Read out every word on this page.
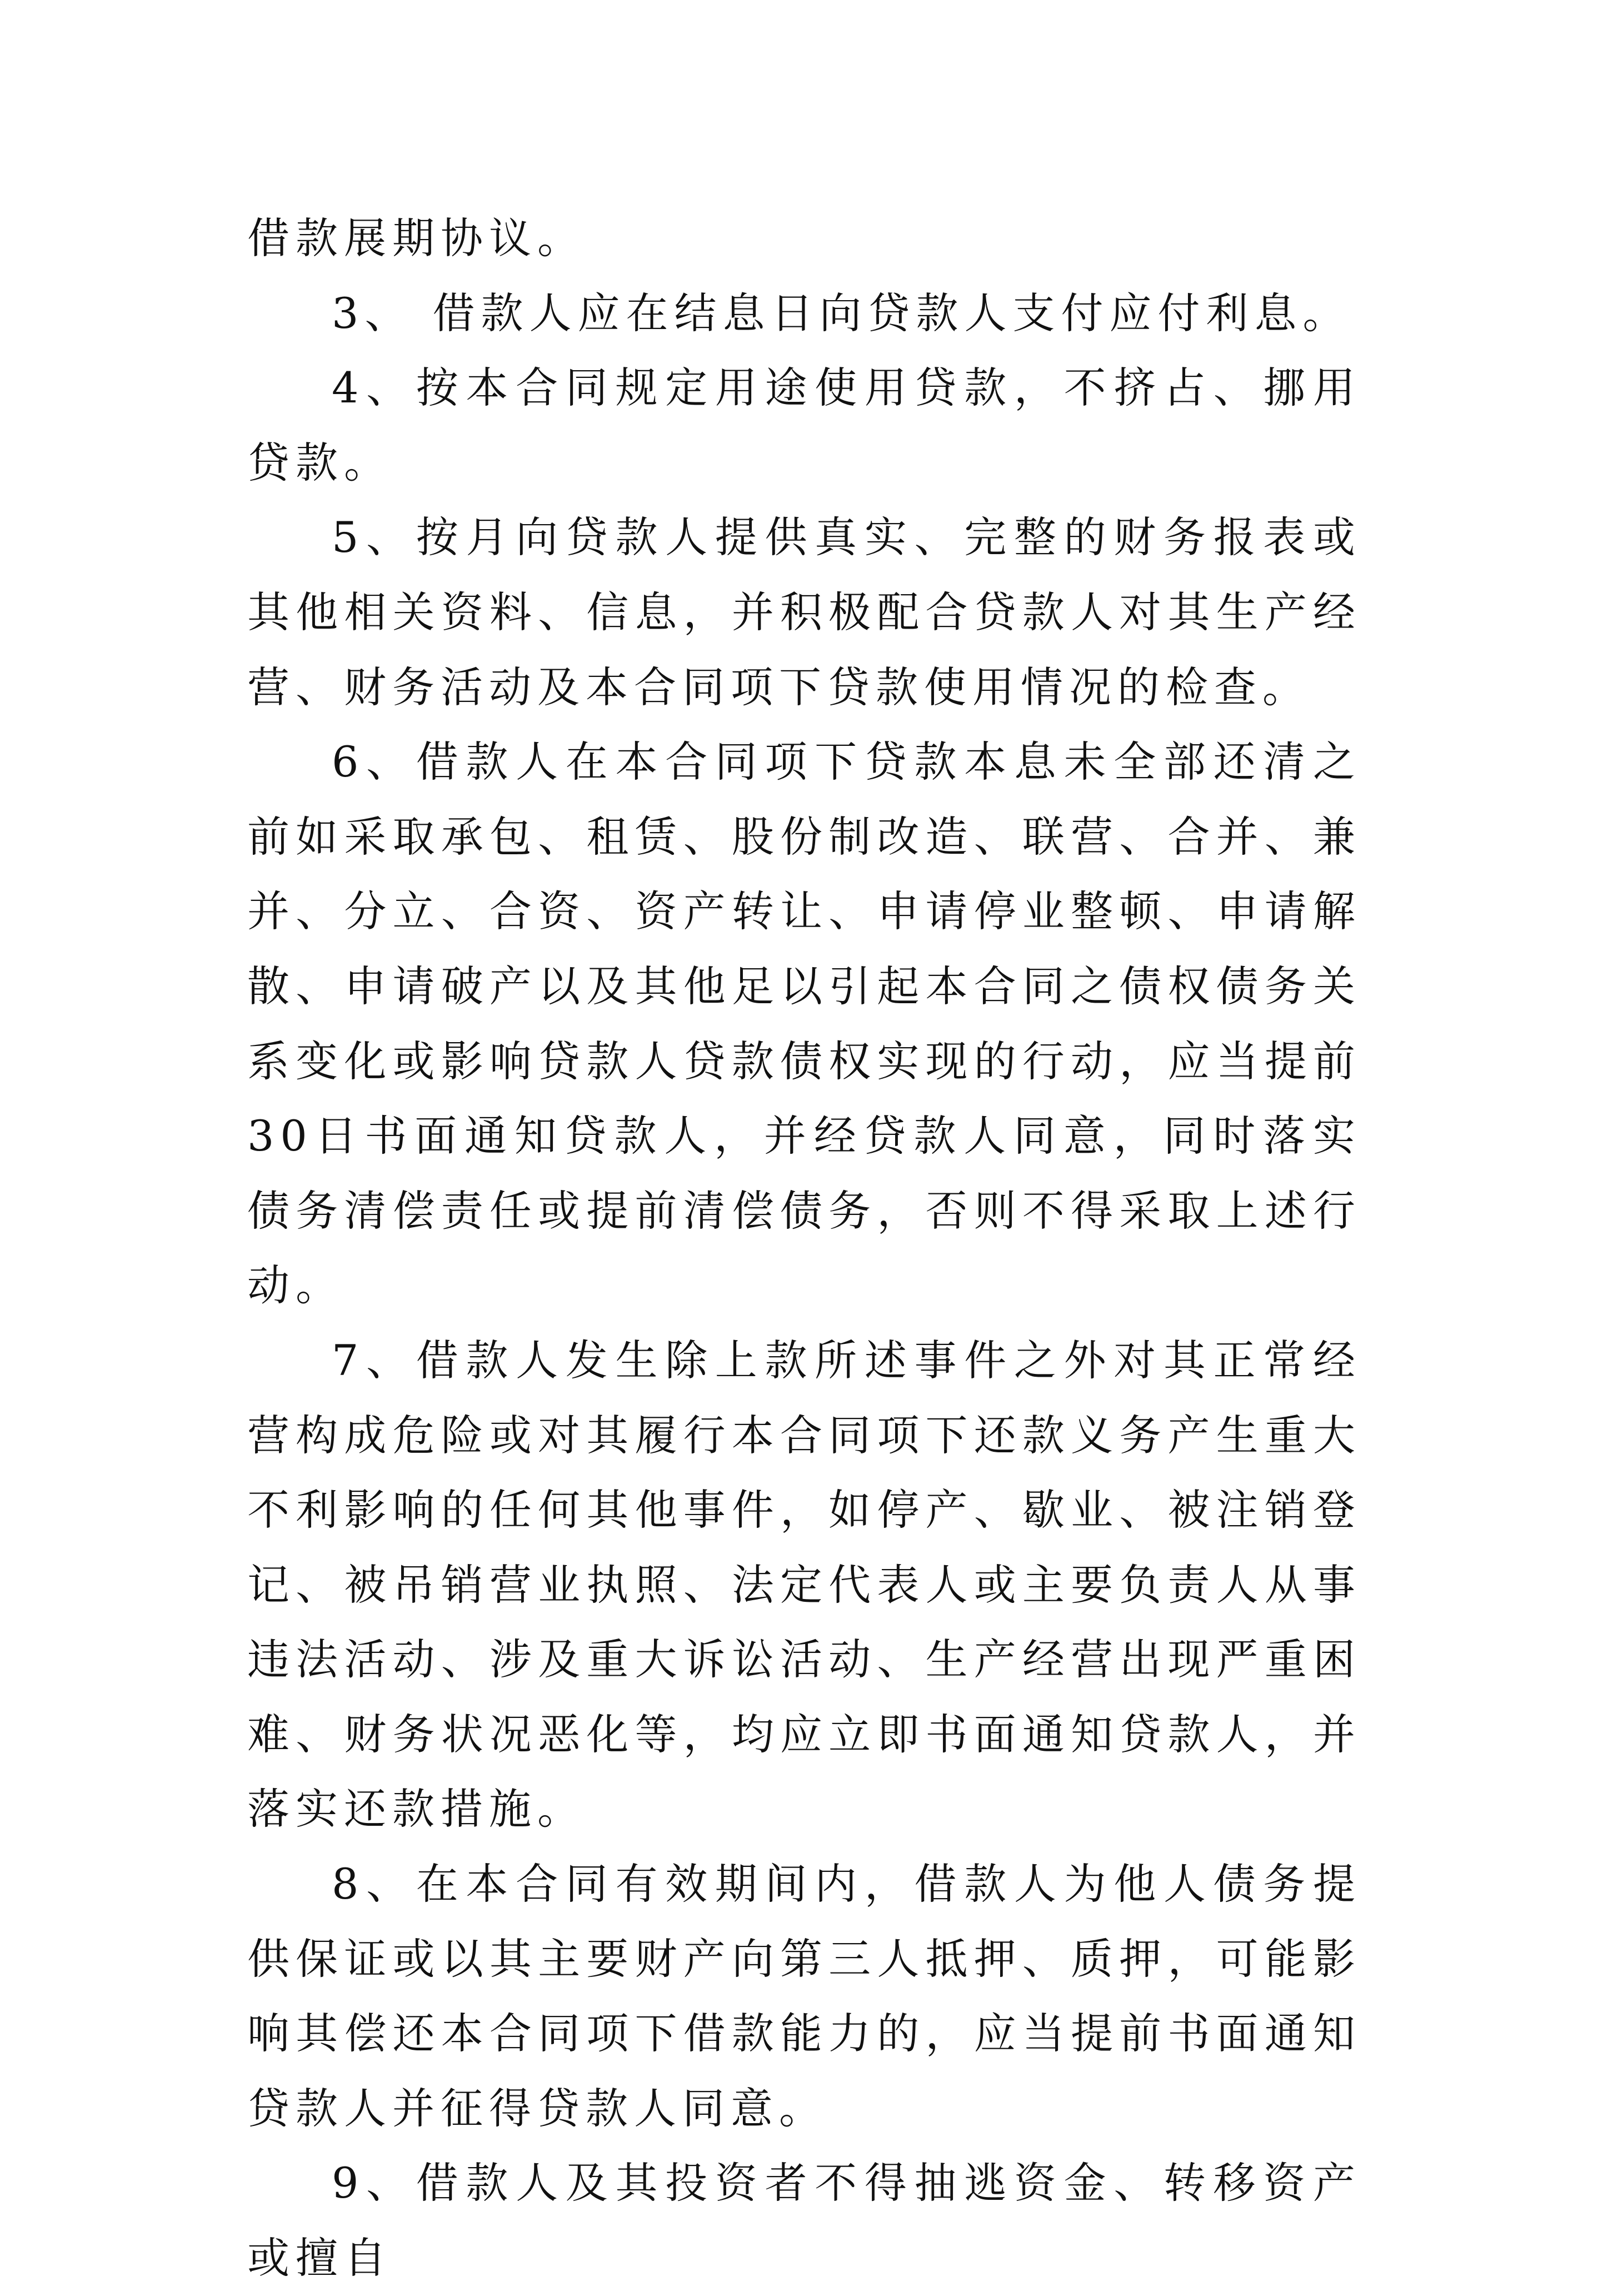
借款展期协议。

3、 借款人应在结息日向贷款人支付应付利息。

4、按本合同规定用途使用贷款，不挤占、挪用贷款。

5、按月向贷款人提供真实、完整的财务报表或其他相关资料、信息，并积极配合贷款人对其生产经营、财务活动及本合同项下贷款使用情况的检查。

6、借款人在本合同项下贷款本息未全部还清之前如采取承包、租赁、股份制改造、联营、合并、兼并、分立、合资、资产转让、申请停业整顿、申请解散、申请破产以及其他足以引起本合同之债权债务关系变化或影响贷款人贷款债权实现的行动，应当提前30日书面通知贷款人，并经贷款人同意，同时落实债务清偿责任或提前清偿债务，否则不得采取上述行动。

7、借款人发生除上款所述事件之外对其正常经营构成危险或对其履行本合同项下还款义务产生重大不利影响的任何其他事件，如停产、歇业、被注销登记、被吊销营业执照、法定代表人或主要负责人从事违法活动、涉及重大诉讼活动、生产经营出现严重困难、财务状况恶化等，均应立即书面通知贷款人，并落实还款措施。

8、在本合同有效期间内，借款人为他人债务提供保证或以其主要财产向第三人抵押、质押，可能影响其偿还本合同项下借款能力的，应当提前书面通知贷款人并征得贷款人同意。

9、借款人及其投资者不得抽逃资金、转移资产或擅自
